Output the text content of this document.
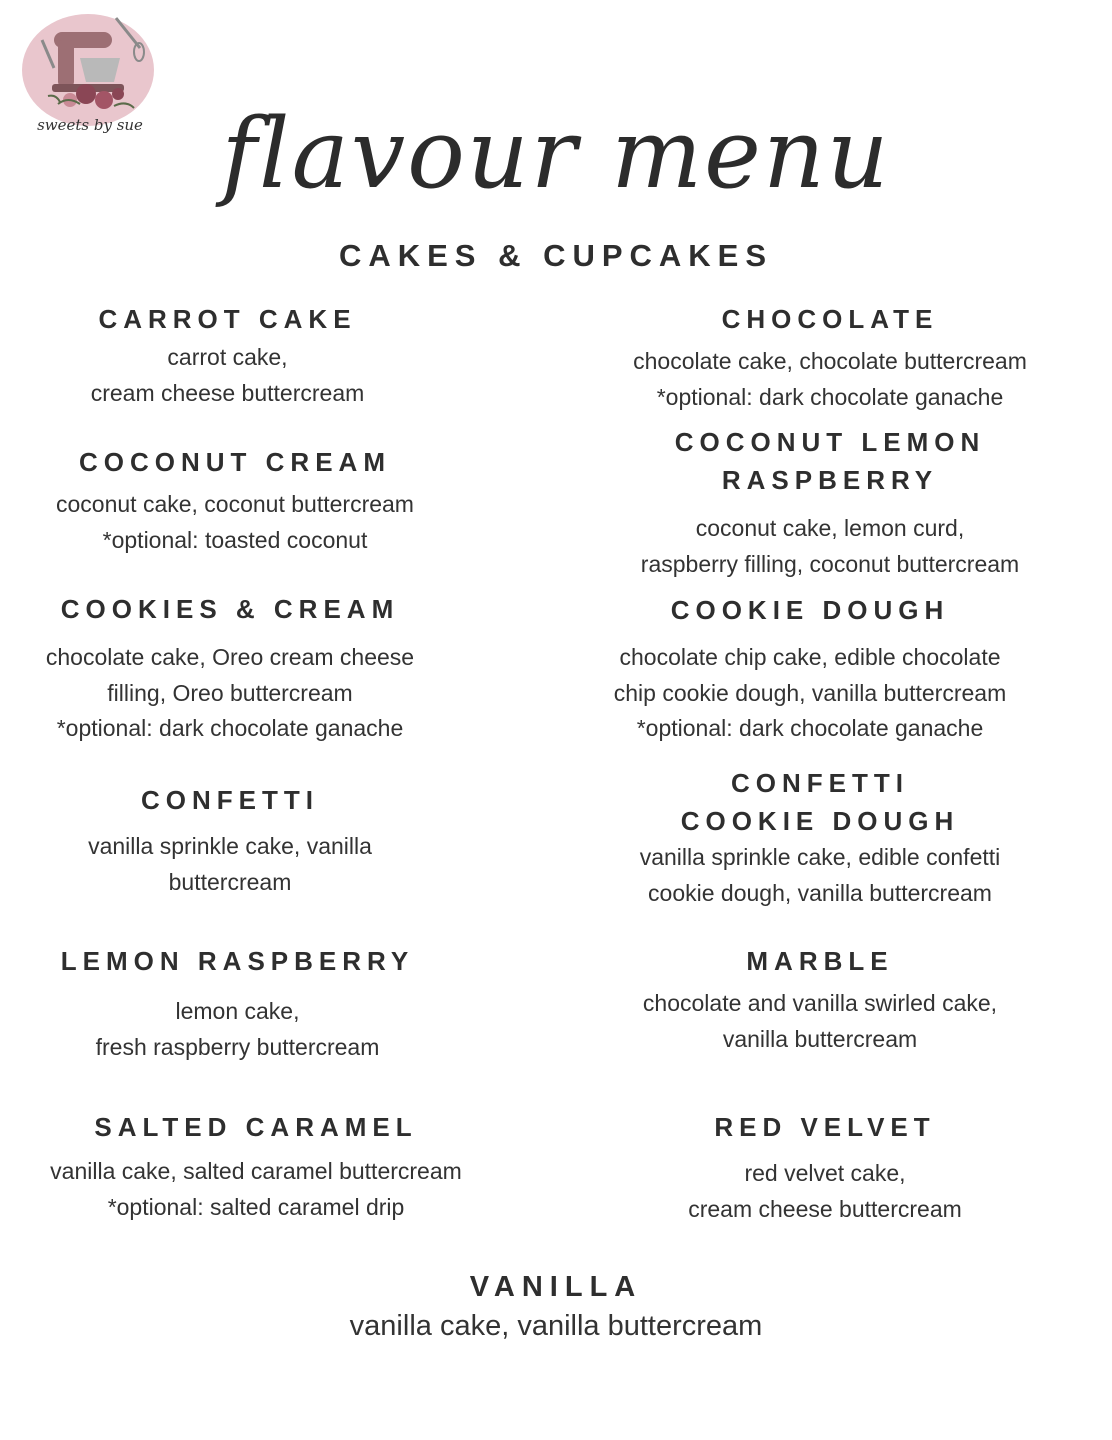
sweets by sue flavour menu
CAKES & CUPCAKES
CARROT CAKE
carrot cake,
cream cheese buttercream
COCONUT CREAM
coconut cake, coconut buttercream
*optional: toasted coconut
COOKIES & CREAM
chocolate cake, Oreo cream cheese
filling, Oreo buttercream
*optional: dark chocolate ganache
CONFETTI
vanilla sprinkle cake, vanilla
buttercream
LEMON RASPBERRY
lemon cake,
fresh raspberry buttercream
SALTED CARAMEL
vanilla cake, salted caramel buttercream
*optional: salted caramel drip
CHOCOLATE
chocolate cake, chocolate buttercream
*optional: dark chocolate ganache
COCONUT LEMON
RASPBERRY
coconut cake, lemon curd,
raspberry filling, coconut buttercream
COOKIE DOUGH
chocolate chip cake, edible chocolate
chip cookie dough, vanilla buttercream
*optional: dark chocolate ganache
CONFETTI
COOKIE DOUGH
vanilla sprinkle cake, edible confetti
cookie dough, vanilla buttercream
MARBLE
chocolate and vanilla swirled cake,
vanilla buttercream
RED VELVET
red velvet cake,
cream cheese buttercream
VANILLA
vanilla cake, vanilla buttercream
